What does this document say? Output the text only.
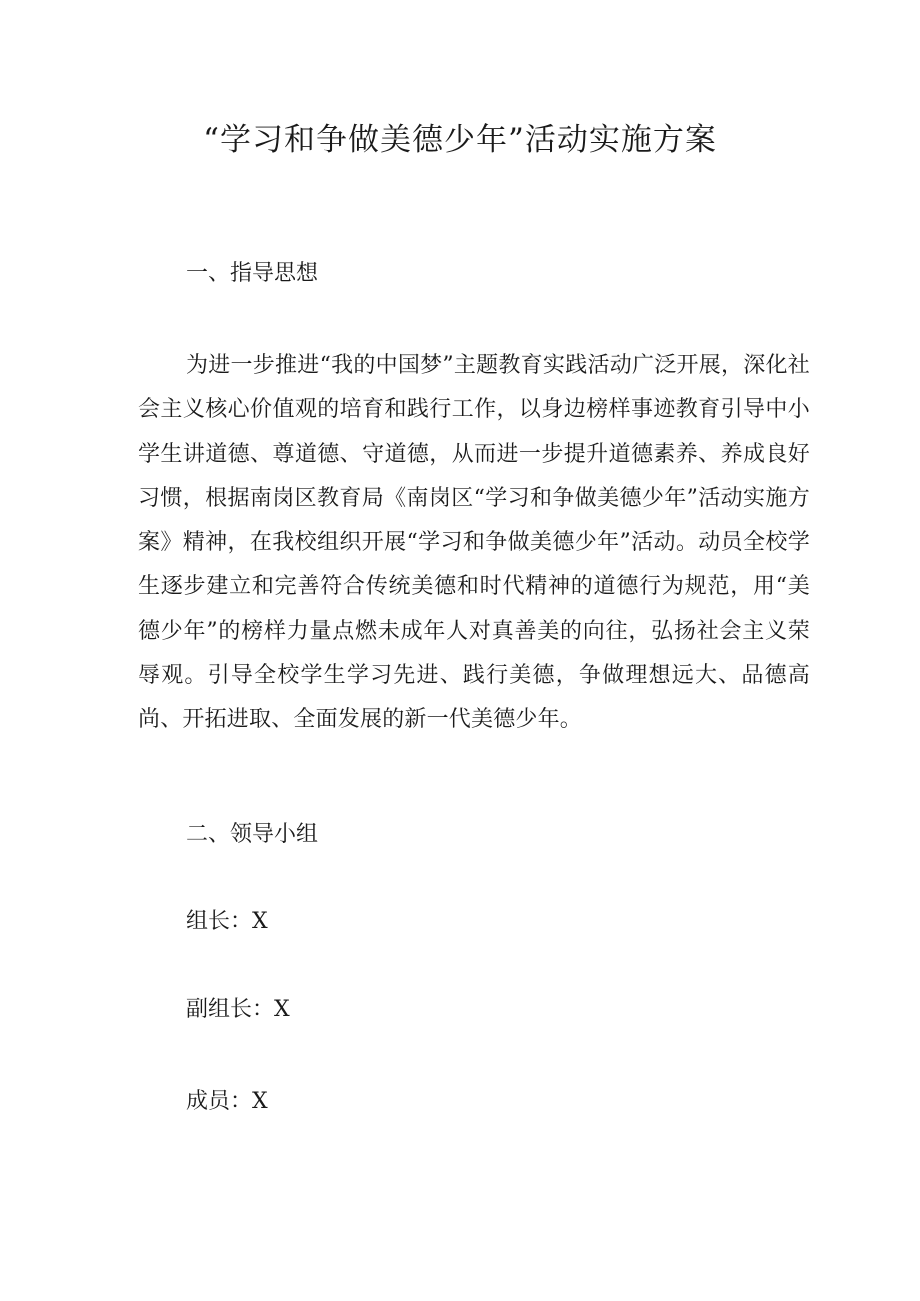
“学习和争做美德少年”活动实施方案
一、指导思想
为进一步推进“我的中国梦”主题教育实践活动广泛开展，深化社会主义核心价值观的培育和践行工作，以身边榜样事迹教育引导中小学生讲道德、尊道德、守道德，从而进一步提升道德素养、养成良好习惯，根据南岗区教育局《南岗区“学习和争做美德少年”活动实施方案》精神，在我校组织开展“学习和争做美德少年”活动。动员全校学生逐步建立和完善符合传统美德和时代精神的道德行为规范，用“美德少年”的榜样力量点燃未成年人对真善美的向往，弘扬社会主义荣辱观。引导全校学生学习先进、践行美德，争做理想远大、品德高尚、开拓进取、全面发展的新一代美德少年。
二、领导小组
组长：X
副组长：X
成员：X
